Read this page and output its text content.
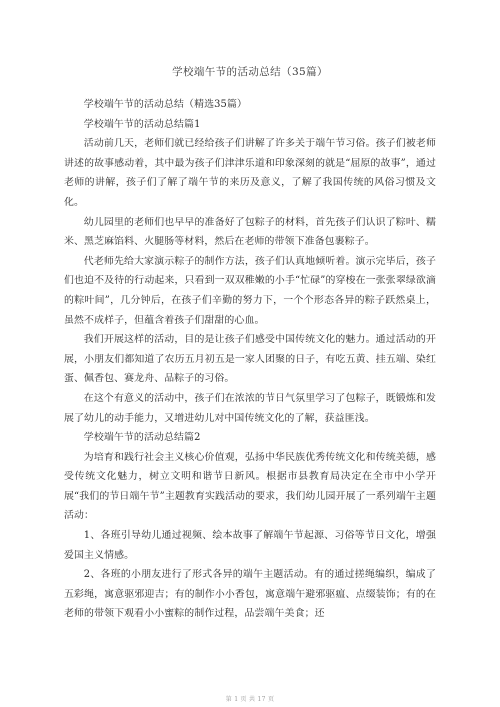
学校端午节的活动总结（35篇）

学校端午节的活动总结（精选35篇）

学校端午节的活动总结篇1

活动前几天，老师们就已经给孩子们讲解了许多关于端午节习俗。孩子们被老师讲述的故事感动着，其中最为孩子们津津乐道和印象深刻的就是“屈原的故事”，通过老师的讲解，孩子们了解了端午节的来历及意义，了解了我国传统的风俗习惯及文化。

幼儿园里的老师们也早早的准备好了包粽子的材料，首先孩子们认识了粽叶、糯米、黑芝麻馅料、火腿肠等材料，然后在老师的带领下准备包裹粽子。

代老师先给大家演示粽子的制作方法，孩子们认真地倾听着。演示完毕后，孩子们也迫不及待的行动起来，只看到一双双稚嫩的小手“忙碌”的穿梭在一张张翠绿欲滴的粽叶间”，几分钟后，在孩子们辛勤的努力下，一个个形态各异的粽子跃然桌上，虽然不成样子，但蕴含着孩子们甜甜的心血。

我们开展这样的活动，目的是让孩子们感受中国传统文化的魅力。通过活动的开展，小朋友们都知道了农历五月初五是一家人团聚的日子，有吃五黄、挂五端、染红蛋、佩香包、赛龙舟、品粽子的习俗。

在这个有意义的活动中，孩子们在浓浓的节日气氛里学习了包粽子，既锻炼和发展了幼儿的动手能力，又增进幼儿对中国传统文化的了解，获益匪浅。

学校端午节的活动总结篇2

为培育和践行社会主义核心价值观，弘扬中华民族优秀传统文化和传统美德，感受传统文化魅力，树立文明和谐节日新风。根据市县教育局决定在全市中小学开展“我们的节日端午节”主题教育实践活动的要求，我们幼儿园开展了一系列端午主题活动：

1、各班引导幼儿通过视频、绘本故事了解端午节起源、习俗等节日文化，增强爱国主义情感。

2、各班的小朋友进行了形式各异的端午主题活动。有的通过搓绳编织，编成了五彩绳，寓意驱邪迎吉；有的制作小小香包，寓意端午避邪驱瘟、点缀装饰；有的在老师的带领下观看小小蜜粽的制作过程，品尝端午美食；还

第 1 页 共 17 页
